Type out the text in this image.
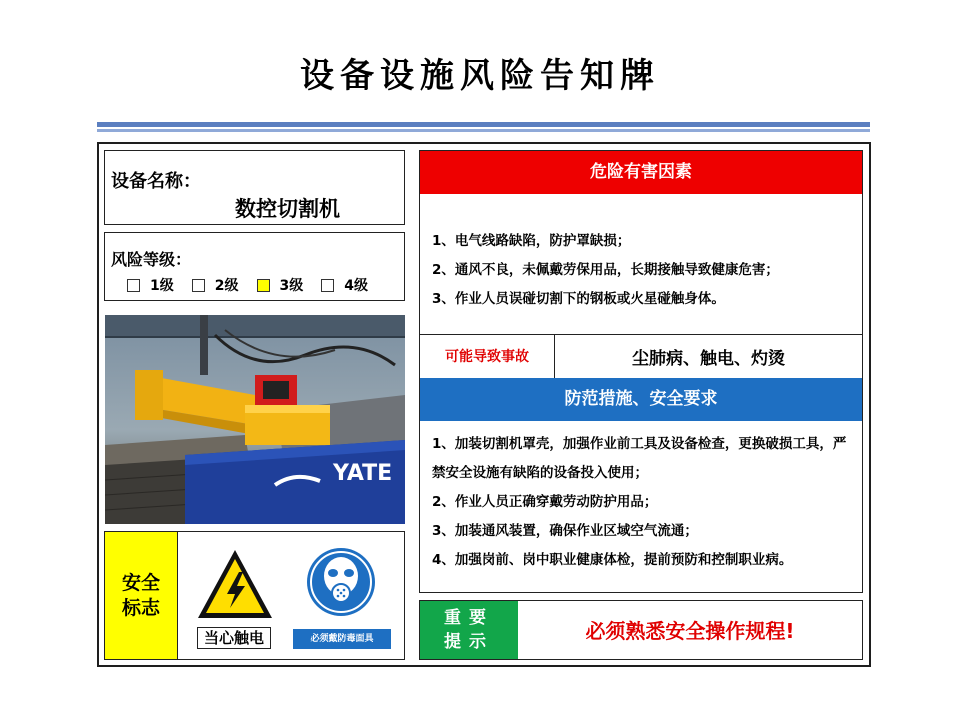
设备设施风险告知牌
设备名称：
数控切割机
风险等级：
1级	2级	3级	4级
YATE
安全
标志
当心触电	必须戴防毒面具
危险有害因素
1、电气线路缺陷，防护罩缺损；
2、通风不良，未佩戴劳保用品，长期接触导致健康危害；
3、作业人员误碰切割下的钢板或火星碰触身体。
可能导致事故	尘肺病、触电、灼烫
防范措施、安全要求
1、加装切割机罩壳，加强作业前工具及设备检查，更换破损工具，严禁安全设施有缺陷的设备投入使用；
2、作业人员正确穿戴劳动防护用品；
3、加装通风装置，确保作业区域空气流通；
4、加强岗前、岗中职业健康体检，提前预防和控制职业病。
重要
提示	必须熟悉安全操作规程!
